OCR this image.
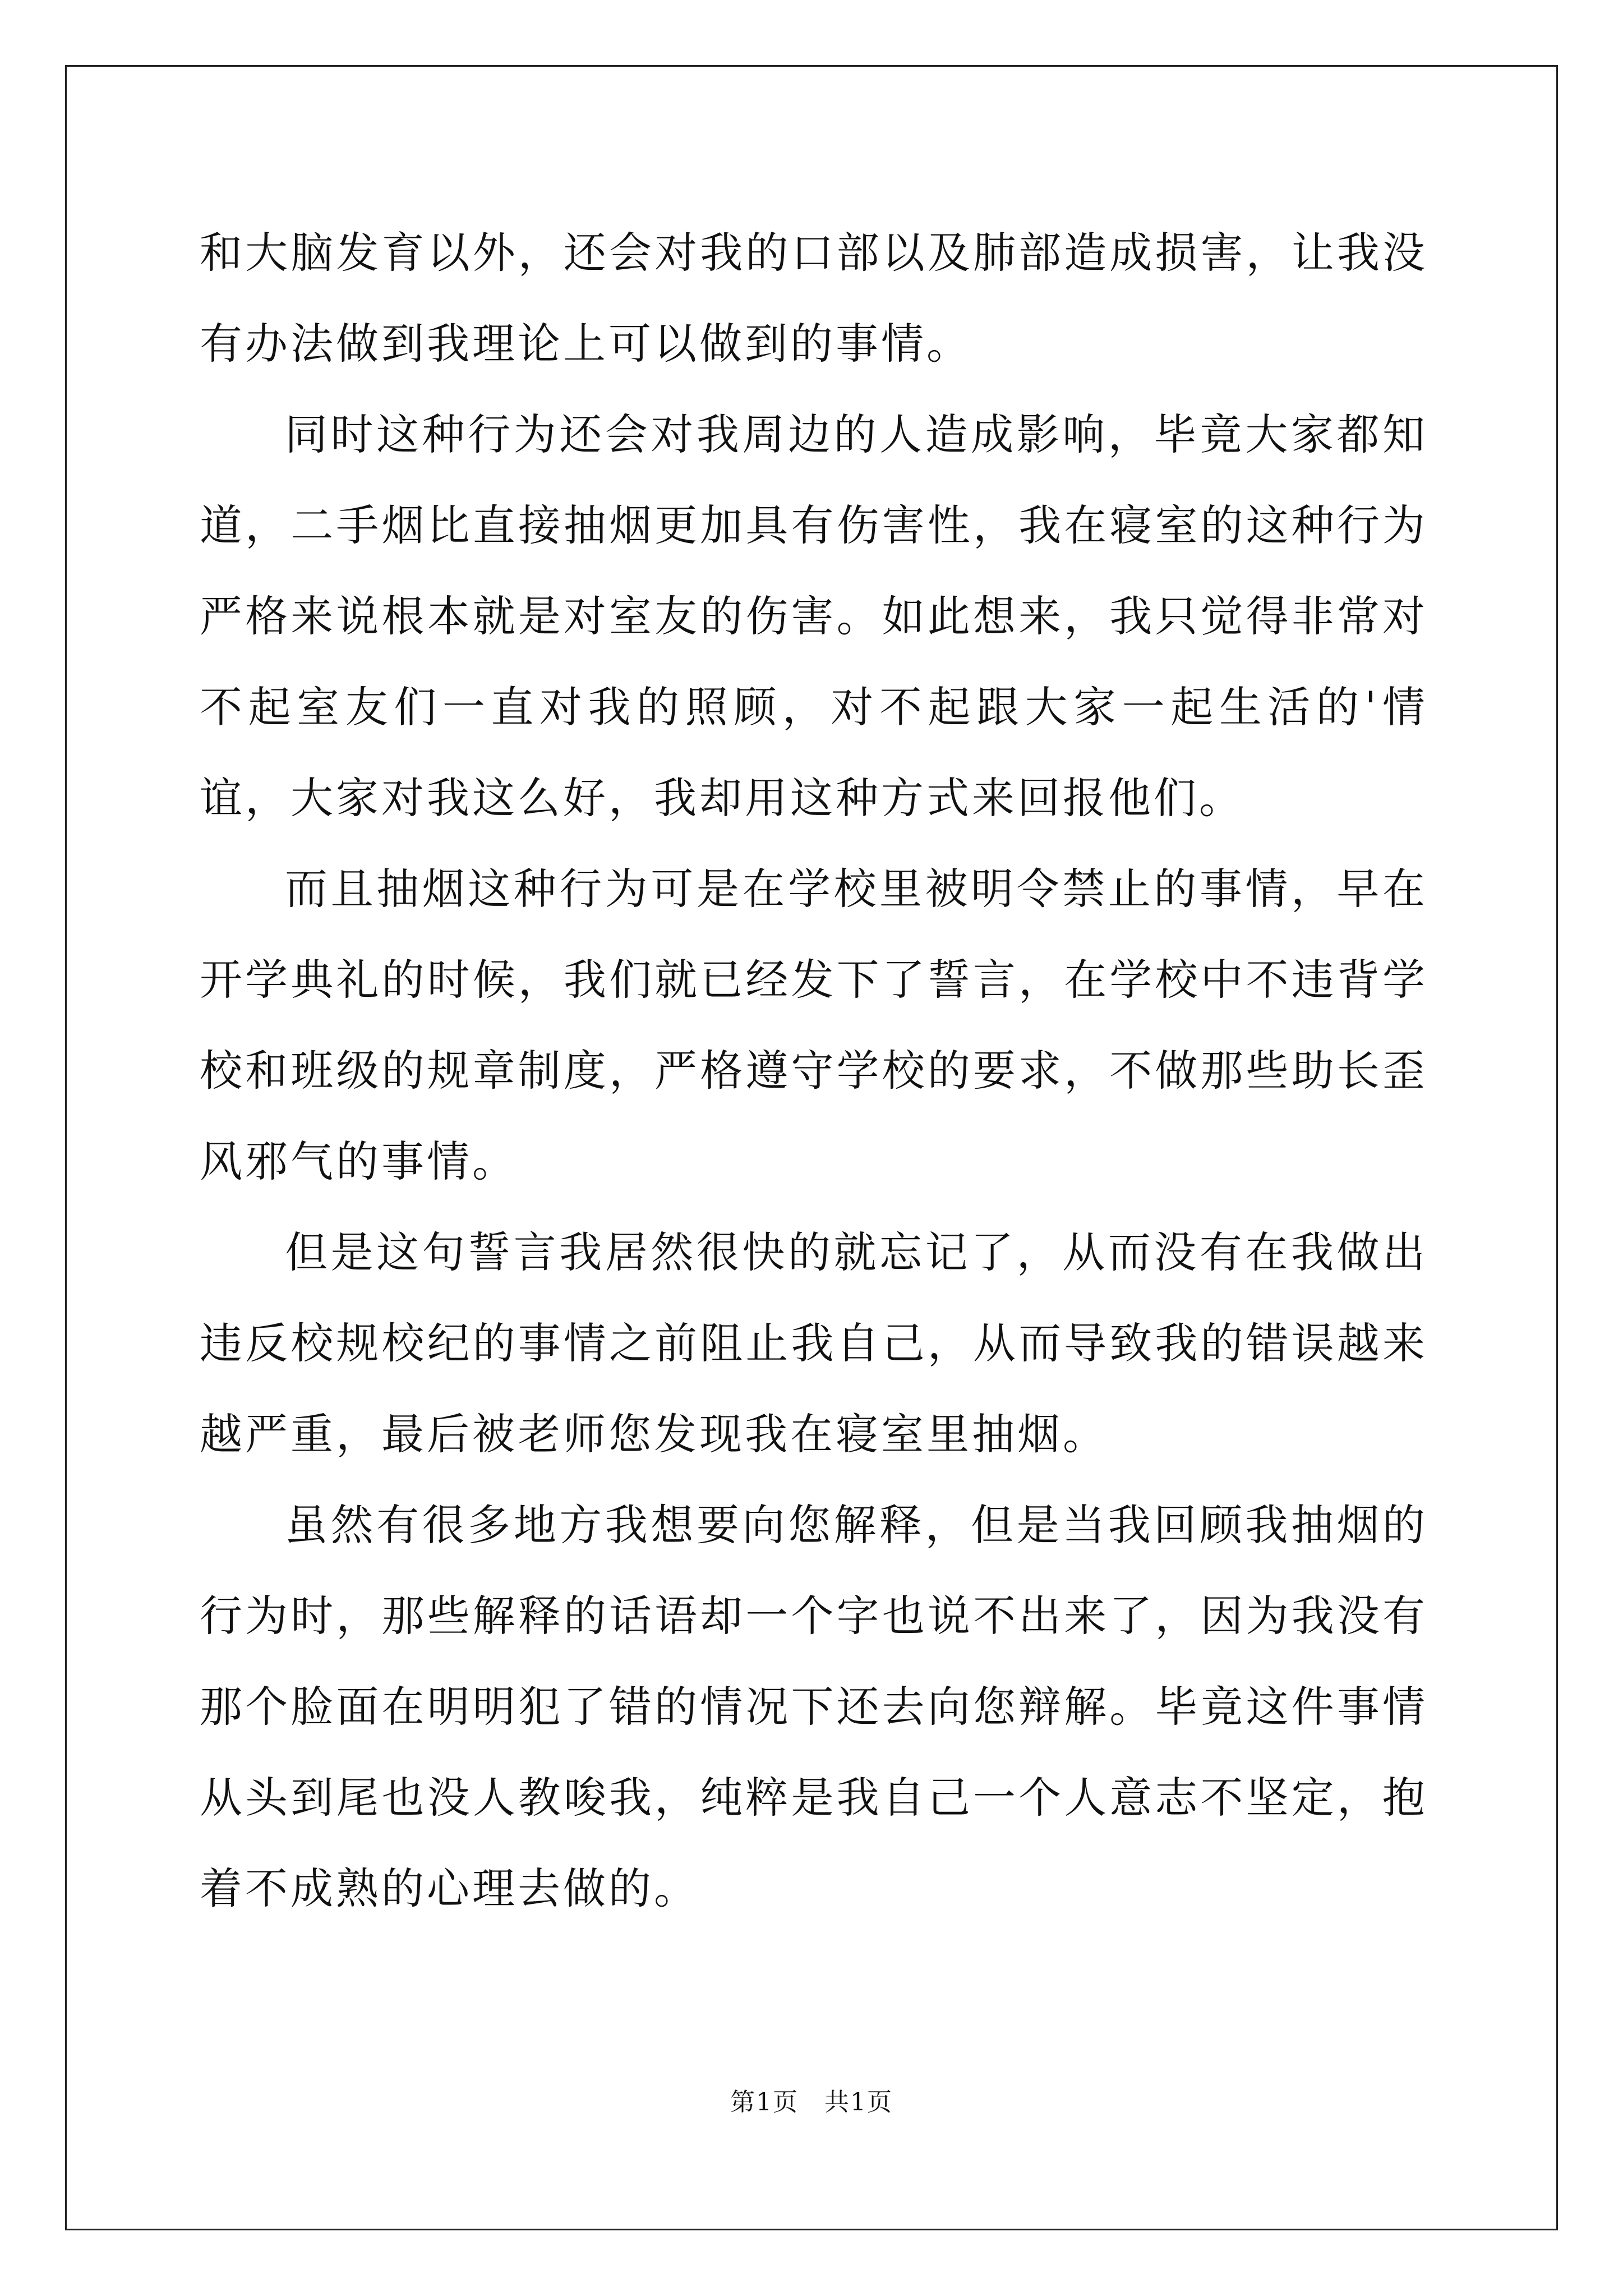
和大脑发育以外，还会对我的口部以及肺部造成损害，让我没有办法做到我理论上可以做到的事情。

同时这种行为还会对我周边的人造成影响，毕竟大家都知道，二手烟比直接抽烟更加具有伤害性，我在寝室的这种行为严格来说根本就是对室友的伤害。如此想来，我只觉得非常对不起室友们一直对我的照顾，对不起跟大家一起生活的'情谊，大家对我这么好，我却用这种方式来回报他们。

而且抽烟这种行为可是在学校里被明令禁止的事情，早在开学典礼的时候，我们就已经发下了誓言，在学校中不违背学校和班级的规章制度，严格遵守学校的要求，不做那些助长歪风邪气的事情。

但是这句誓言我居然很快的就忘记了，从而没有在我做出违反校规校纪的事情之前阻止我自己，从而导致我的错误越来越严重，最后被老师您发现我在寝室里抽烟。

虽然有很多地方我想要向您解释，但是当我回顾我抽烟的行为时，那些解释的话语却一个字也说不出来了，因为我没有那个脸面在明明犯了错的情况下还去向您辩解。毕竟这件事情从头到尾也没人教唆我，纯粹是我自己一个人意志不坚定，抱着不成熟的心理去做的。

第1页　共1页
